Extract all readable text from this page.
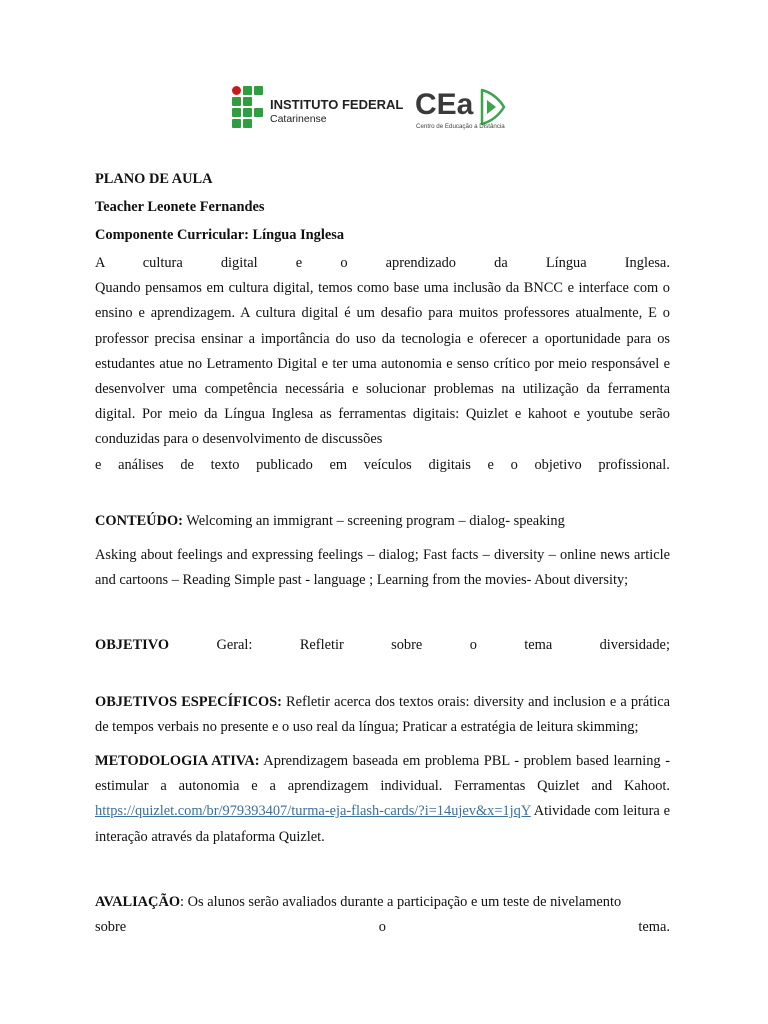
INSTITUTO FEDERAL
Catarinense	CEa
Centro de Educação a Distância

PLANO DE AULA

Teacher Leonete Fernandes

Componente Curricular: Língua Inglesa

A	cultura	digital	e	o	aprendizado	da	Língua	Inglesa.

Quando pensamos em cultura digital, temos como base uma inclusão da BNCC e interface com o ensino e aprendizagem. A cultura digital é um desafio para muitos professores atualmente, E o professor precisa ensinar a importância do uso da tecnologia e oferecer a oportunidade para os estudantes atue no Letramento Digital e ter uma autonomia e senso crítico por meio responsável e desenvolver uma competência necessária e solucionar problemas na utilização da ferramenta digital. Por meio da Língua Inglesa as ferramentas digitais: Quizlet e kahoot e youtube serão conduzidas para o desenvolvimento de discussões

e análises de texto publicado em veículos digitais e o objetivo profissional.

CONTEÚDO: Welcoming an immigrant – screening program – dialog- speaking

Asking about feelings and expressing feelings – dialog; Fast facts – diversity – online news article and cartoons – Reading Simple past - language ; Learning from the movies- About diversity;

OBJETIVO	Geral:	Refletir	sobre	o	tema	diversidade;

OBJETIVOS ESPECÍFICOS: Refletir acerca dos textos orais: diversity and inclusion e a prática de tempos verbais no presente e o uso real da língua; Praticar a estratégia de leitura skimming;

METODOLOGIA ATIVA: Aprendizagem baseada em problema PBL - problem based learning - estimular a autonomia e a aprendizagem individual. Ferramentas Quizlet and Kahoot. https://quizlet.com/br/979393407/turma-eja-flash-cards/?i=14ujev&x=1jqY Atividade com leitura e interação através da plataforma Quizlet.

AVALIAÇÃO: Os alunos serão avaliados durante a participação e um teste de nivelamento

sobre	o	tema.
